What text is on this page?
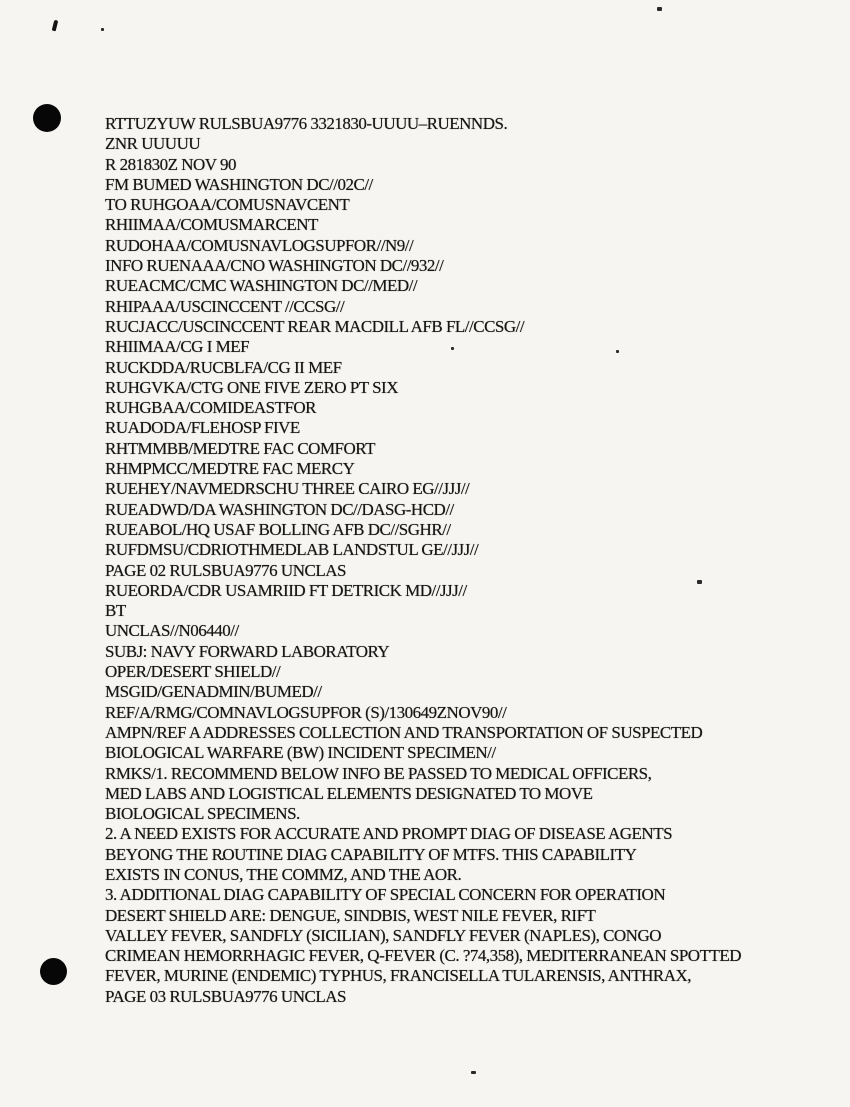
RTTUZYUW RULSBUA9776 3321830-UUUU–RUENNDS.
ZNR UUUUU
R 281830Z NOV 90
FM BUMED WASHINGTON DC//02C//
TO RUHGOAA/COMUSNAVCENT
RHIIMAA/COMUSMARCENT
RUDOHAA/COMUSNAVLOGSUPFOR//N9//
INFO RUENAAA/CNO WASHINGTON DC//932//
RUEACMC/CMC WASHINGTON DC//MED//
RHIPAAA/USCINCCENT //CCSG//
RUCJACC/USCINCCENT REAR MACDILL AFB FL//CCSG//
RHIIMAA/CG I MEF
RUCKDDA/RUCBLFA/CG II MEF
RUHGVKA/CTG ONE FIVE ZERO PT SIX
RUHGBAA/COMIDEASTFOR
RUADODA/FLEHOSP FIVE
RHTMMBB/MEDTRE FAC COMFORT
RHMPMCC/MEDTRE FAC MERCY
RUEHEY/NAVMEDRSCHU THREE CAIRO EG//JJJ//
RUEADWD/DA WASHINGTON DC//DASG-HCD//
RUEABOL/HQ USAF BOLLING AFB DC//SGHR//
RUFDMSU/CDRIOTHMEDLAB LANDSTUL GE//JJJ//
PAGE 02 RULSBUA9776 UNCLAS
RUEORDA/CDR USAMRIID FT DETRICK MD//JJJ//
BT
UNCLAS//N06440//
SUBJ: NAVY FORWARD LABORATORY
OPER/DESERT SHIELD//
MSGID/GENADMIN/BUMED//
REF/A/RMG/COMNAVLOGSUPFOR (S)/130649ZNOV90//
AMPN/REF A ADDRESSES COLLECTION AND TRANSPORTATION OF SUSPECTED
BIOLOGICAL WARFARE (BW) INCIDENT SPECIMEN//
RMKS/1. RECOMMEND BELOW INFO BE PASSED TO MEDICAL OFFICERS,
MED LABS AND LOGISTICAL ELEMENTS DESIGNATED TO MOVE
BIOLOGICAL SPECIMENS.
2. A NEED EXISTS FOR ACCURATE AND PROMPT DIAG OF DISEASE AGENTS
BEYONG THE ROUTINE DIAG CAPABILITY OF MTFS. THIS CAPABILITY
EXISTS IN CONUS, THE COMMZ, AND THE AOR.
3. ADDITIONAL DIAG CAPABILITY OF SPECIAL CONCERN FOR OPERATION
DESERT SHIELD ARE: DENGUE, SINDBIS, WEST NILE FEVER, RIFT
VALLEY FEVER, SANDFLY (SICILIAN), SANDFLY FEVER (NAPLES), CONGO
CRIMEAN HEMORRHAGIC FEVER, Q-FEVER (C. ?74,358), MEDITERRANEAN SPOTTED
FEVER, MURINE (ENDEMIC) TYPHUS, FRANCISELLA TULARENSIS, ANTHRAX,
PAGE 03 RULSBUA9776 UNCLAS
